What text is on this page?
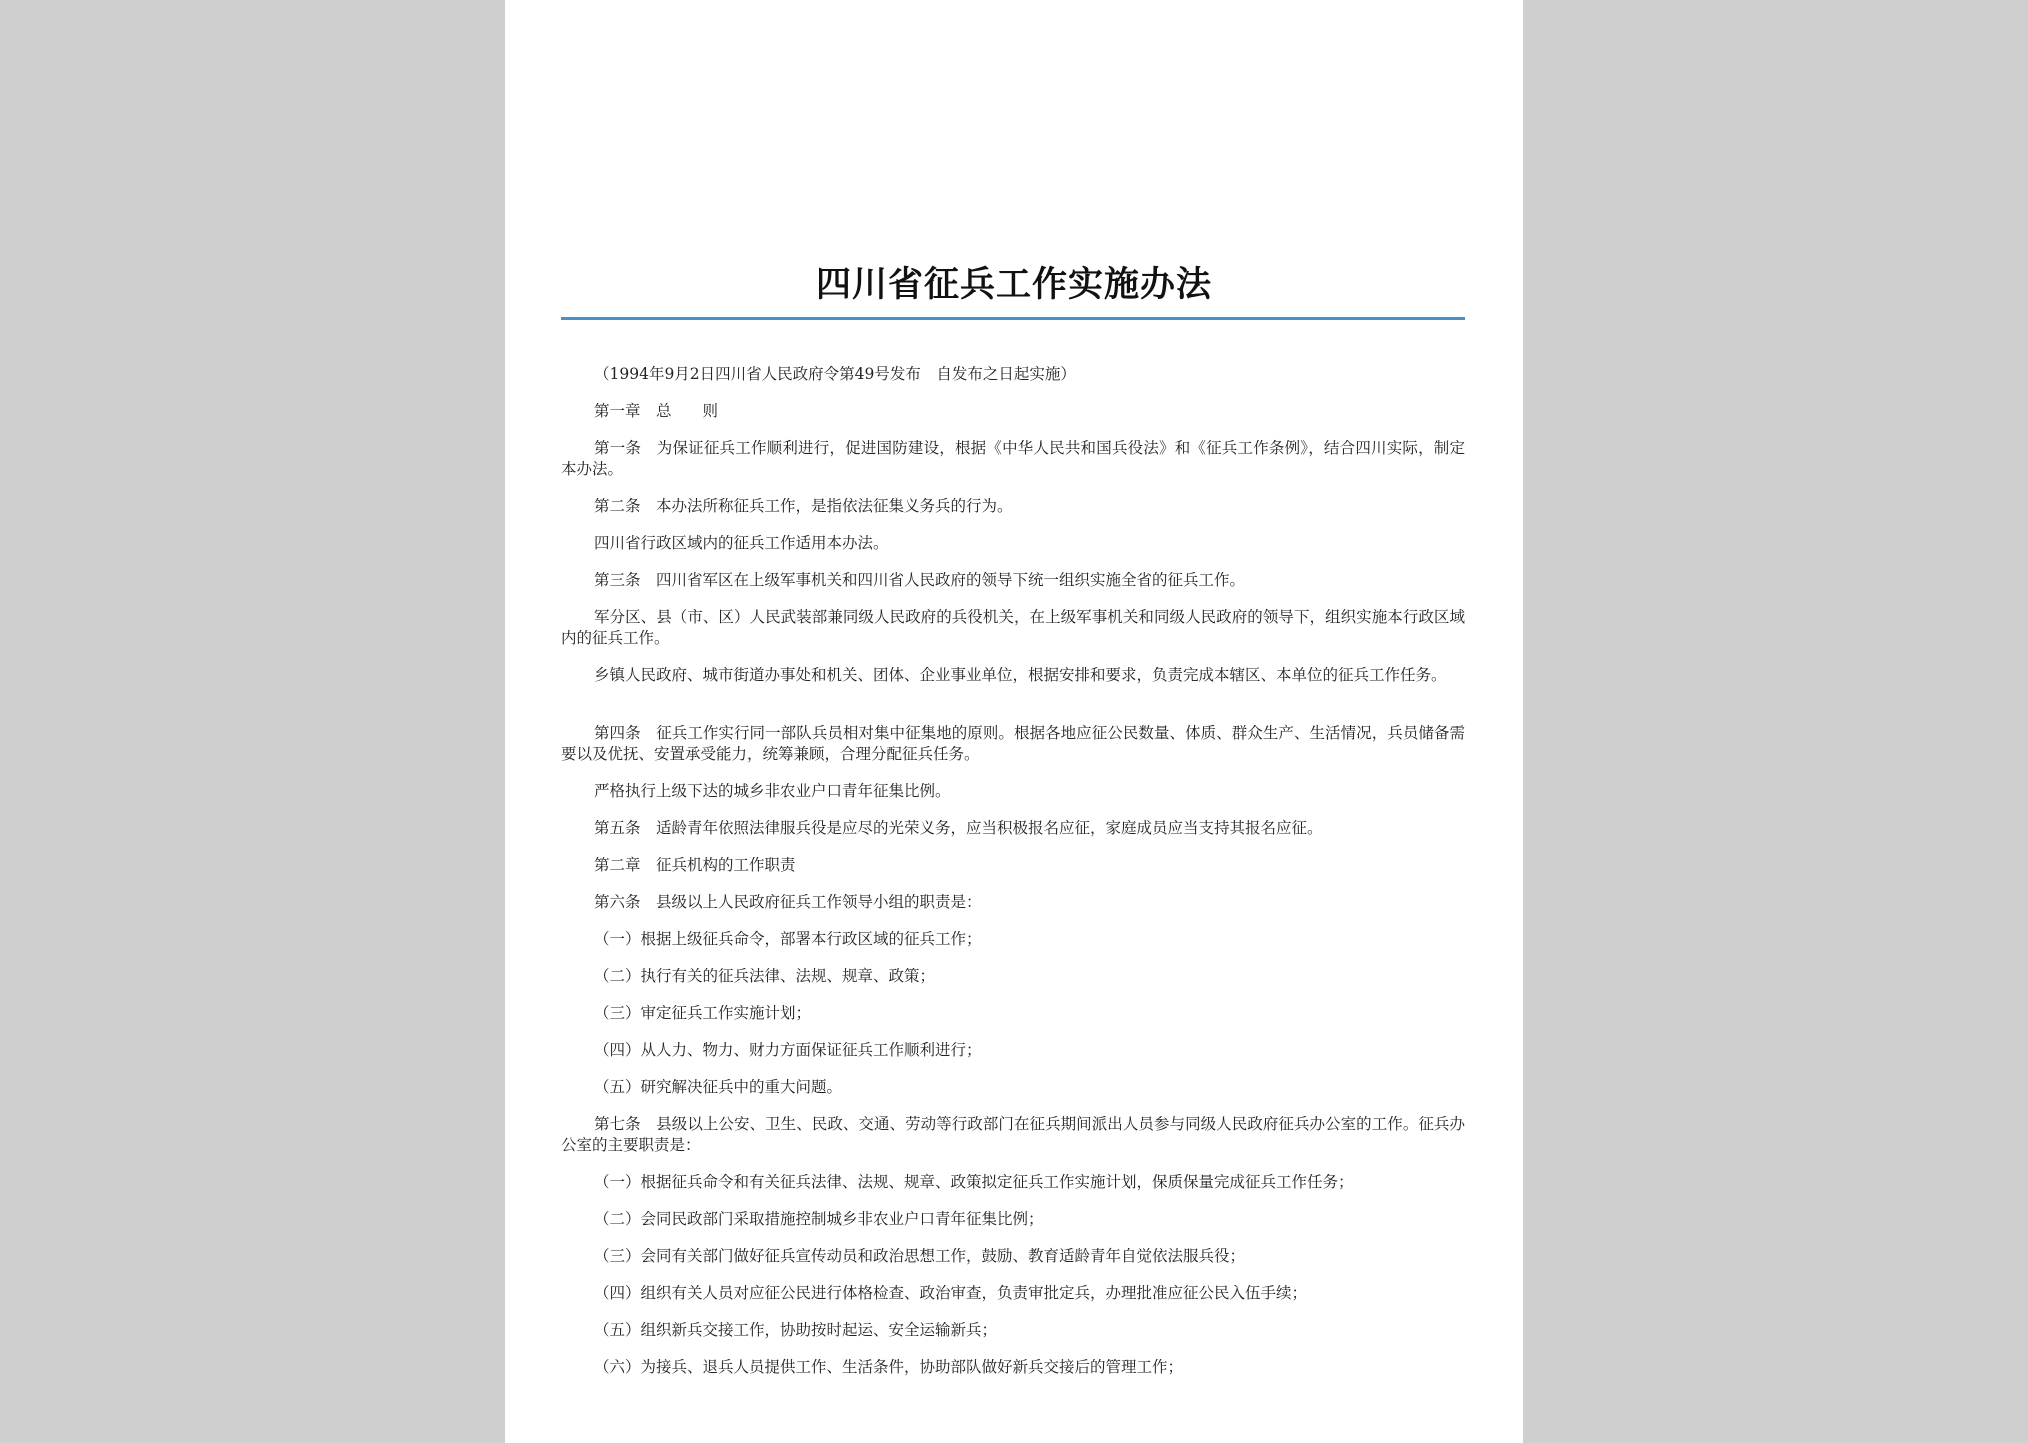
四川省征兵工作实施办法

（1994年9月2日四川省人民政府令第49号发布　自发布之日起实施）

第一章　总　　则

第一条　为保证征兵工作顺利进行，促进国防建设，根据《中华人民共和国兵役法》和《征兵工作条例》，结合四川实际，制定本办法。

第二条　本办法所称征兵工作，是指依法征集义务兵的行为。

四川省行政区域内的征兵工作适用本办法。

第三条　四川省军区在上级军事机关和四川省人民政府的领导下统一组织实施全省的征兵工作。

军分区、县（市、区）人民武装部兼同级人民政府的兵役机关，在上级军事机关和同级人民政府的领导下，组织实施本行政区域内的征兵工作。

乡镇人民政府、城市街道办事处和机关、团体、企业事业单位，根据安排和要求，负责完成本辖区、本单位的征兵工作任务。

第四条　征兵工作实行同一部队兵员相对集中征集地的原则。根据各地应征公民数量、体质、群众生产、生活情况，兵员储备需要以及优抚、安置承受能力，统筹兼顾，合理分配征兵任务。

严格执行上级下达的城乡非农业户口青年征集比例。

第五条　适龄青年依照法律服兵役是应尽的光荣义务，应当积极报名应征，家庭成员应当支持其报名应征。

第二章　征兵机构的工作职责

第六条　县级以上人民政府征兵工作领导小组的职责是：

（一）根据上级征兵命令，部署本行政区域的征兵工作；

（二）执行有关的征兵法律、法规、规章、政策；

（三）审定征兵工作实施计划；

（四）从人力、物力、财力方面保证征兵工作顺利进行；

（五）研究解决征兵中的重大问题。

第七条　县级以上公安、卫生、民政、交通、劳动等行政部门在征兵期间派出人员参与同级人民政府征兵办公室的工作。征兵办公室的主要职责是：

（一）根据征兵命令和有关征兵法律、法规、规章、政策拟定征兵工作实施计划，保质保量完成征兵工作任务；

（二）会同民政部门采取措施控制城乡非农业户口青年征集比例；

（三）会同有关部门做好征兵宣传动员和政治思想工作，鼓励、教育适龄青年自觉依法服兵役；

（四）组织有关人员对应征公民进行体格检查、政治审查，负责审批定兵，办理批准应征公民入伍手续；

（五）组织新兵交接工作，协助按时起运、安全运输新兵；

（六）为接兵、退兵人员提供工作、生活条件，协助部队做好新兵交接后的管理工作；
